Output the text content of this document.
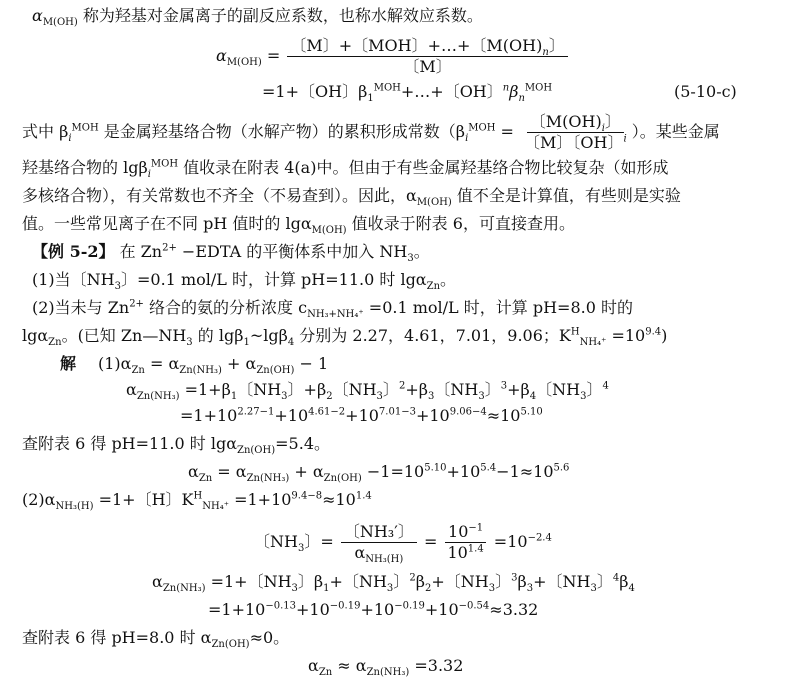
$\alpha_{M(OH)}$ 称为羟基对金属离子的副反应系数，也称水解效应系数。
$\alpha_{M(OH)} = \frac{〔M〕+〔MOH〕+\dots+〔M(OH)_n〕}{〔M〕}$
=1+〔OH〕$\beta_1^{MOH}+\dots+$〔OH〕$^n\beta_n^{MOH}$	(5-10-c)
式中 $\beta_i^{MOH}$ 是金属羟基络合物（水解产物）的累积形成常数（$\beta_i^{MOH} = \frac{〔M(OH)_i〕}{〔M〕〔OH〕^i}$ ）。某些金属
羟基络合物的 lgβ$_i^{MOH}$ 值收录在附表 4(a)中。但由于有些金属羟基络合物比较复杂（如形成
多核络合物），有关常数也不齐全（不易查到）。因此，$\alpha_{M(OH)}$ 值不全是计算值，有些则是实验
值。一些常见离子在不同 pH 值时的 lgα$_{M(OH)}$ 值收录于附表 6，可直接查用。
【例 5-2】 在 $Zn^{2+}$ −EDTA 的平衡体系中加入 $NH_3$。
(1)当〔$NH_3$〕=0.1 mol/L 时，计算 pH=11.0 时 lgα$_{Zn}$。
(2)当未与 $Zn^{2+}$ 络合的氨的分析浓度 $c_{NH_3+NH_4^+} =0.1$ mol/L 时，计算 pH=8.0 时的
lgα$_{Zn}$。(已知 $Zn—NH_3$ 的 lgβ$_1$~lgβ$_4$ 分别为 2.27，4.61，7.01，9.06；$K^H_{NH_4^+} =10^{9.4}$)
解 $(1)\alpha_{Zn} = \alpha_{Zn(NH_3)} + \alpha_{Zn(OH)} - 1$
$\alpha_{Zn(NH_3)} =1+\beta_1$〔$NH_3$〕$+\beta_2$〔$NH_3$〕$^2+\beta_3$〔$NH_3$〕$^3+\beta_4$〔$NH_3$〕$^4$
$=1+10^{2.27-1}+10^{4.61-2}+10^{7.01-3}+10^{9.06-4}\approx 10^{5.10}$
查附表 6 得 pH=11.0 时 lgα$_{Zn(OH)}$=5.4。
$\alpha_{Zn} = \alpha_{Zn(NH_3)} + \alpha_{Zn(OH)} -1=10^{5.10}+10^{5.4}-1\approx 10^{5.6}$
$(2)\alpha_{NH_3(H)} =1+$〔H〕$K^H_{NH_4^+} =1+10^{9.4-8}\approx 10^{1.4}$
〔$NH_3$〕= $\frac{\text{〔NH₃′〕}}{\alpha_{NH_3(H)}} = \frac{10^{-1}}{10^{1.4}} =10^{-2.4}$
$\alpha_{Zn(NH_3)} =1+$〔$NH_3$〕$\beta_1+$〔$NH_3$〕$^2\beta_2+$〔$NH_3$〕$^3\beta_3+$〔$NH_3$〕$^4\beta_4$
$=1+10^{-0.13}+10^{-0.19}+10^{-0.19}+10^{-0.54}\approx 3.32$
查附表 6 得 pH=8.0 时 $\alpha_{Zn(OH)}\approx 0$。
$\alpha_{Zn} \approx \alpha_{Zn(NH_3)} =3.32$
